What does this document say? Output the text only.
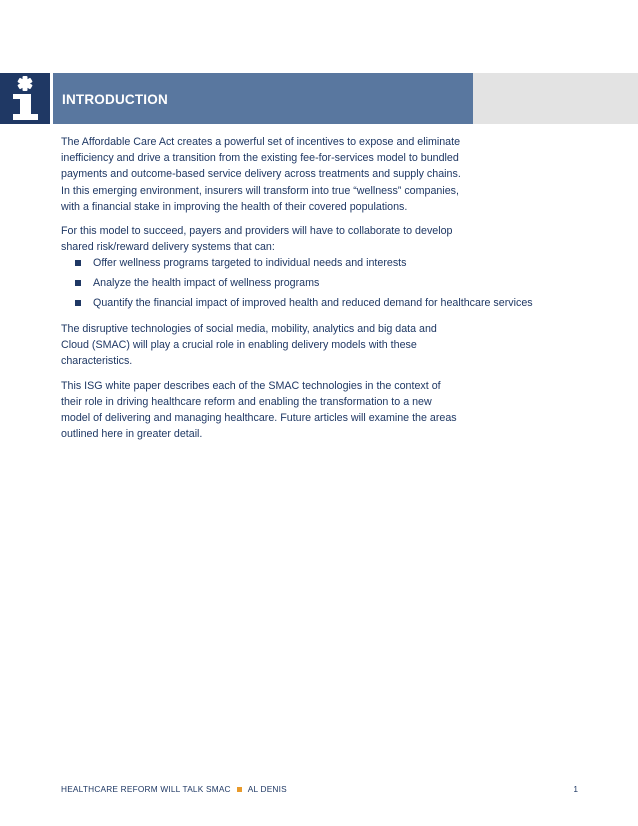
INTRODUCTION

The Affordable Care Act creates a powerful set of incentives to expose and eliminate inefficiency and drive a transition from the existing fee-for-services model to bundled payments and outcome-based service delivery across treatments and supply chains. In this emerging environment, insurers will transform into true “wellness” companies, with a financial stake in improving the health of their covered populations.

For this model to succeed, payers and providers will have to collaborate to develop shared risk/reward delivery systems that can:

Offer wellness programs targeted to individual needs and interests
Analyze the health impact of wellness programs
Quantify the financial impact of improved health and reduced demand for healthcare services

The disruptive technologies of social media, mobility, analytics and big data and Cloud (SMAC) will play a crucial role in enabling delivery models with these characteristics.

This ISG white paper describes each of the SMAC technologies in the context of their role in driving healthcare reform and enabling the transformation to a new model of delivering and managing healthcare. Future articles will examine the areas outlined here in greater detail.

HEALTHCARE REFORM WILL TALK SMAC AL DENIS	1
